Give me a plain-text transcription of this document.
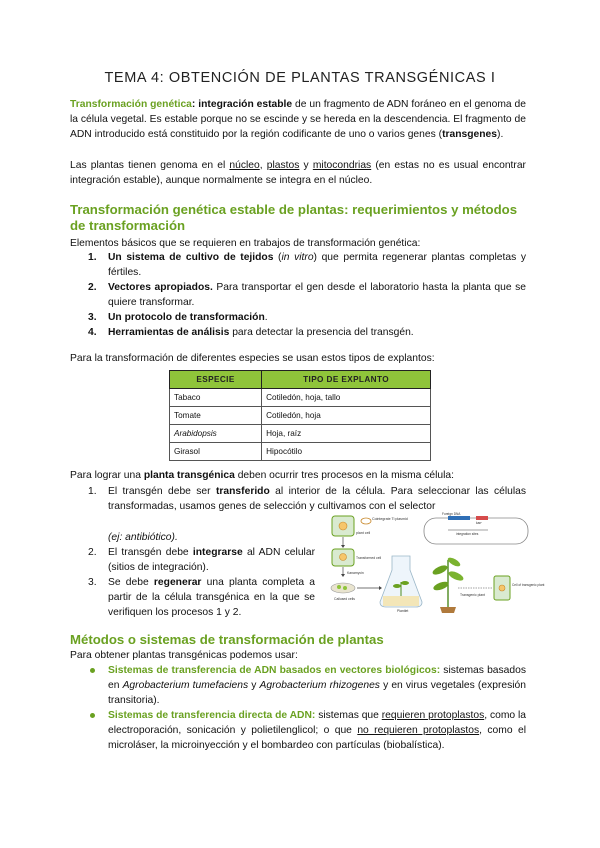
TEMA 4: OBTENCIÓN DE PLANTAS TRANSGÉNICAS I
Transformación genética: integración estable de un fragmento de ADN foráneo en el genoma de la célula vegetal. Es estable porque no se escinde y se hereda en la descendencia. El fragmento de ADN introducido está constituido por la región codificante de uno o varios genes (transgenes).
Las plantas tienen genoma en el núcleo, plastos y mitocondrias (en estas no es usual encontrar integración estable), aunque normalmente se integra en el núcleo.
Transformación genética estable de plantas: requerimientos y métodos de transformación
Elementos básicos que se requieren en trabajos de transformación genética:
1. Un sistema de cultivo de tejidos (in vitro) que permita regenerar plantas completas y fértiles.
2. Vectores apropiados. Para transportar el gen desde el laboratorio hasta la planta que se quiere transformar.
3. Un protocolo de transformación.
4. Herramientas de análisis para detectar la presencia del transgén.
Para la transformación de diferentes especies se usan estos tipos de explantos:
ESPECIE	TIPO DE EXPLANTO
Tabaco	Cotiledón, hoja, tallo
Tomate	Cotiledón, hoja
Arabidopsis	Hoja, raíz
Girasol	Hipocótilo
Para lograr una planta transgénica deben ocurrir tres procesos en la misma célula:
1. El transgén debe ser transferido al interior de la célula. Para seleccionar las células transformadas, usamos genes de selección y cultivamos con el selector
(ej: antibiótico).
2. El transgén debe integrarse al ADN celular (sitios de integración).
3. Se debe regenerar una planta completa a partir de la célula transgénica en la que se verifiquen los procesos 1 y 2.
Cointegrate Ti plasmid
plant cell
Transformed cell
Kanamycin
Callused cells
Plantlet
Transgenic plant
Cell of transgenic plant
Foreign DNA
kanʳ
integration sites
Métodos o sistemas de transformación de plantas
Para obtener plantas transgénicas podemos usar:
Sistemas de transferencia de ADN basados en vectores biológicos: sistemas basados en Agrobacterium tumefaciens y Agrobacterium rhizogenes y en virus vegetales (expresión transitoria).
Sistemas de transferencia directa de ADN: sistemas que requieren protoplastos, como la electroporación, sonicación y polietilenglicol; o que no requieren protoplastos, como el microláser, la microinyección y el bombardeo con partículas (biobalística).
